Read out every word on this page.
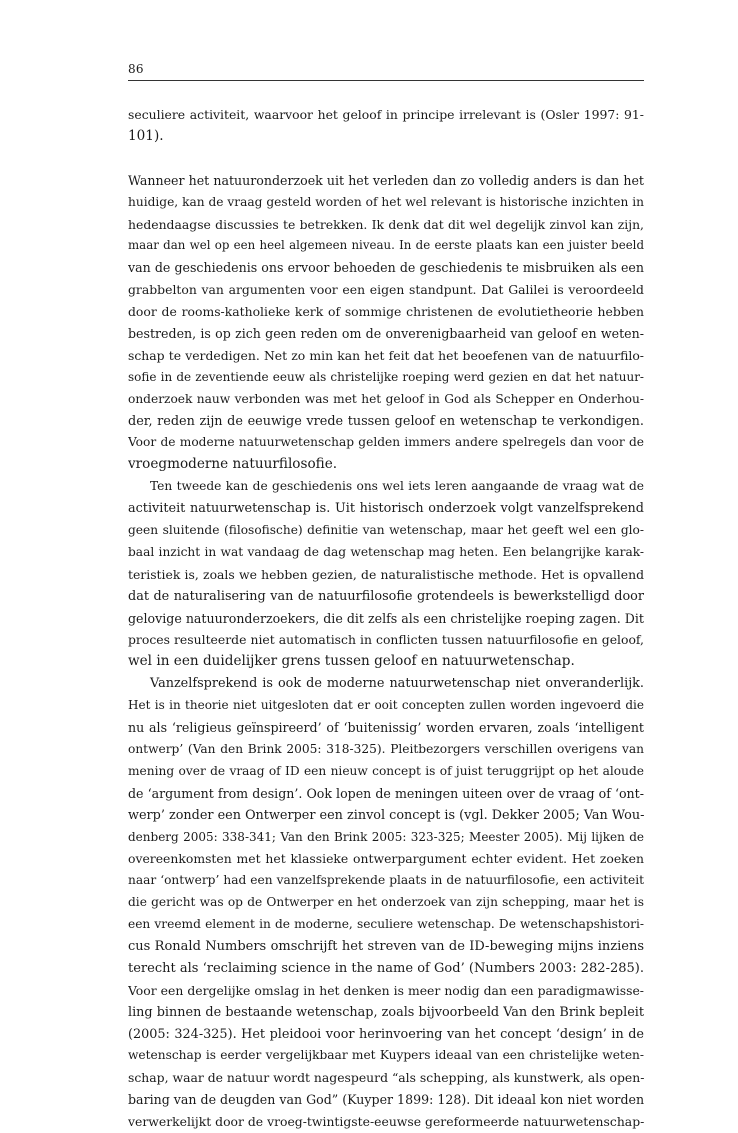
86
seculiere activiteit, waarvoor het geloof in principe irrelevant is (Osler 1997: 91-
101).
Wanneer het natuuronderzoek uit het verleden dan zo volledig anders is dan het
huidige, kan de vraag gesteld worden of het wel relevant is historische inzichten in
hedendaagse discussies te betrekken. Ik denk dat dit wel degelijk zinvol kan zijn,
maar dan wel op een heel algemeen niveau. In de eerste plaats kan een juister beeld
van de geschiedenis ons ervoor behoeden de geschiedenis te misbruiken als een
grabbelton van argumenten voor een eigen standpunt. Dat Galilei is veroordeeld
door de rooms-katholieke kerk of sommige christenen de evolutietheorie hebben
bestreden, is op zich geen reden om de onverenigbaarheid van geloof en weten-
schap te verdedigen. Net zo min kan het feit dat het beoefenen van de natuurfilo-
sofie in de zeventiende eeuw als christelijke roeping werd gezien en dat het natuur-
onderzoek nauw verbonden was met het geloof in God als Schepper en Onderhou-
der, reden zijn de eeuwige vrede tussen geloof en wetenschap te verkondigen.
Voor de moderne natuurwetenschap gelden immers andere spelregels dan voor de
vroegmoderne natuurfilosofie.
Ten tweede kan de geschiedenis ons wel iets leren aangaande de vraag wat de
activiteit natuurwetenschap is. Uit historisch onderzoek volgt vanzelfsprekend
geen sluitende (filosofische) definitie van wetenschap, maar het geeft wel een glo-
baal inzicht in wat vandaag de dag wetenschap mag heten. Een belangrijke karak-
teristiek is, zoals we hebben gezien, de naturalistische methode. Het is opvallend
dat de naturalisering van de natuurfilosofie grotendeels is bewerkstelligd door
gelovige natuuronderzoekers, die dit zelfs als een christelijke roeping zagen. Dit
proces resulteerde niet automatisch in conflicten tussen natuurfilosofie en geloof,
wel in een duidelijker grens tussen geloof en natuurwetenschap.
Vanzelfsprekend is ook de moderne natuurwetenschap niet onveranderlijk.
Het is in theorie niet uitgesloten dat er ooit concepten zullen worden ingevoerd die
nu als ‘religieus geïnspireerd’ of ‘buitenissig’ worden ervaren, zoals ‘intelligent
ontwerp’ (Van den Brink 2005: 318-325). Pleitbezorgers verschillen overigens van
mening over de vraag of ID een nieuw concept is of juist teruggrijpt op het aloude
de ‘argument from design’. Ook lopen de meningen uiteen over de vraag of ‘ont-
werp’ zonder een Ontwerper een zinvol concept is (vgl. Dekker 2005; Van Wou-
denberg 2005: 338-341; Van den Brink 2005: 323-325; Meester 2005). Mij lijken de
overeenkomsten met het klassieke ontwerpargument echter evident. Het zoeken
naar ‘ontwerp’ had een vanzelfsprekende plaats in de natuurfilosofie, een activiteit
die gericht was op de Ontwerper en het onderzoek van zijn schepping, maar het is
een vreemd element in de moderne, seculiere wetenschap. De wetenschapshistori-
cus Ronald Numbers omschrijft het streven van de ID-beweging mijns inziens
terecht als ‘reclaiming science in the name of God’ (Numbers 2003: 282-285).
Voor een dergelijke omslag in het denken is meer nodig dan een paradigmawisse-
ling binnen de bestaande wetenschap, zoals bijvoorbeeld Van den Brink bepleit
(2005: 324-325). Het pleidooi voor herinvoering van het concept ‘design’ in de
wetenschap is eerder vergelijkbaar met Kuypers ideaal van een christelijke weten-
schap, waar de natuur wordt nagespeurd “als schepping, als kunstwerk, als open-
baring van de deugden van God” (Kuyper 1899: 128). Dit ideaal kon niet worden
verwerkelijkt door de vroeg-twintigste-eeuwse gereformeerde natuurwetenschap-
